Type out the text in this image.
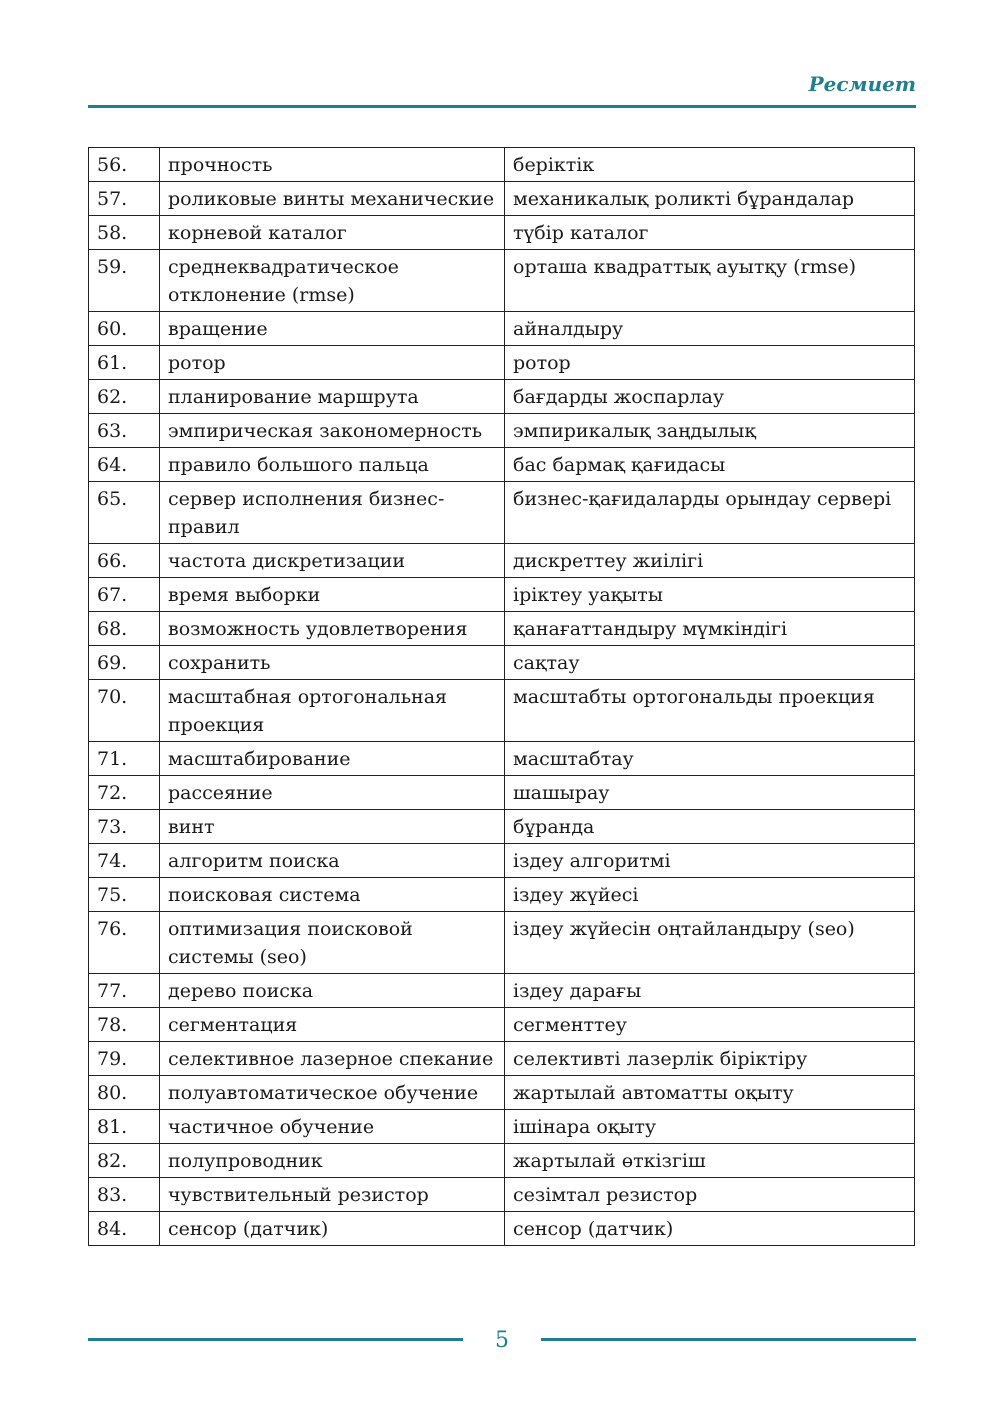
Ресмиет
56.	прочность	беріктік
57.	роликовые винты механические	механикалық роликті бұрандалар
58.	корневой каталог	түбір каталог
59.	среднеквадратическое отклонение (rmse)	орташа квадраттық ауытқу (rmse)
60.	вращение	айналдыру
61.	ротор	ротор
62.	планирование маршрута	бағдарды жоспарлау
63.	эмпирическая закономерность	эмпирикалық заңдылық
64.	правило большого пальца	бас бармақ қағидасы
65.	сервер исполнения бизнес-правил	бизнес-қағидаларды орындау сервері
66.	частота дискретизации	дискреттеу жиілігі
67.	время выборки	іріктеу уақыты
68.	возможность удовлетворения	қанағаттандыру мүмкіндігі
69.	сохранить	сақтау
70.	масштабная ортогональная проекция	масштабты ортогональды проекция
71.	масштабирование	масштабтау
72.	рассеяние	шашырау
73.	винт	бұранда
74.	алгоритм поиска	іздеу алгоритмі
75.	поисковая система	іздеу жүйесі
76.	оптимизация поисковой системы (seo)	іздеу жүйесін оңтайландыру (seo)
77.	дерево поиска	іздеу дарағы
78.	сегментация	сегменттеу
79.	селективное лазерное спекание	селективті лазерлік біріктіру
80.	полуавтоматическое обучение	жартылай автоматты оқыту
81.	частичное обучение	ішінара оқыту
82.	полупроводник	жартылай өткізгіш
83.	чувствительный резистор	сезімтал резистор
84.	сенсор (датчик)	сенсор (датчик)
5
